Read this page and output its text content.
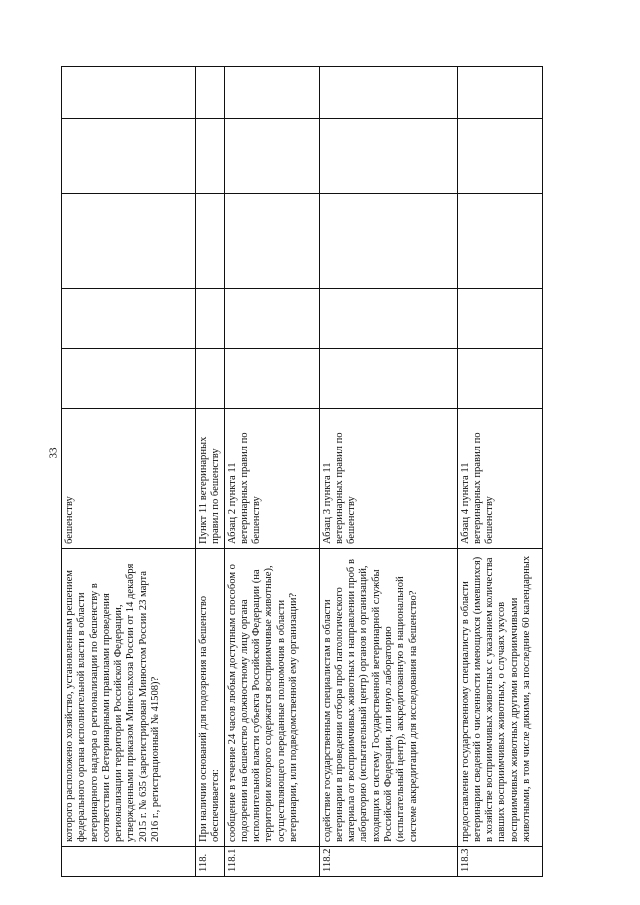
33
	которого расположено хозяйство, установленным решением федерального органа исполнительной власти в области ветеринарного надзора о регионализации по бешенству в соответствии с Ветеринарными правилами проведения регионализации территории Российской Федерации, утвержденными приказом Минсельхоза России от 14 декабря 2015 г. № 635 (зарегистрирован Минюстом России 23 марта 2016 г., регистрационный № 41508)?	бешенству					
118.	При наличии оснований для подозрения на бешенство обеспечивается:	Пункт 11 ветеринарных правил по бешенству					
118.1	сообщение в течение 24 часов любым доступным способом о подозрении на бешенство должностному лицу органа исполнительной власти субъекта Российской Федерации (на территории которого содержатся восприимчивые животные), осуществляющего переданные полномочия в области ветеринарии, или подведомственной ему организации?	Абзац 2 пункта 11 ветеринарных правил по бешенству					
118.2	содействие государственным специалистам в области ветеринарии в проведении отбора проб патологического материала от восприимчивых животных и направлении проб в лабораторию (испытательный центр) органов и организаций, входящих в систему Государственной ветеринарной службы Российской Федерации, или иную лабораторию (испытательный центр), аккредитованную в национальной системе аккредитации для исследования на бешенство?	Абзац 3 пункта 11 ветеринарных правил по бешенству					
118.3	предоставление государственному специалисту в области ветеринарии сведений о численности имеющихся (имевшихся) в хозяйстве восприимчивых животных с указанием количества павших восприимчивых животных, о случаях укусов восприимчивых животных другими восприимчивыми животными, в том числе дикими, за последние 60 календарных	Абзац 4 пункта 11 ветеринарных правил по бешенству					
